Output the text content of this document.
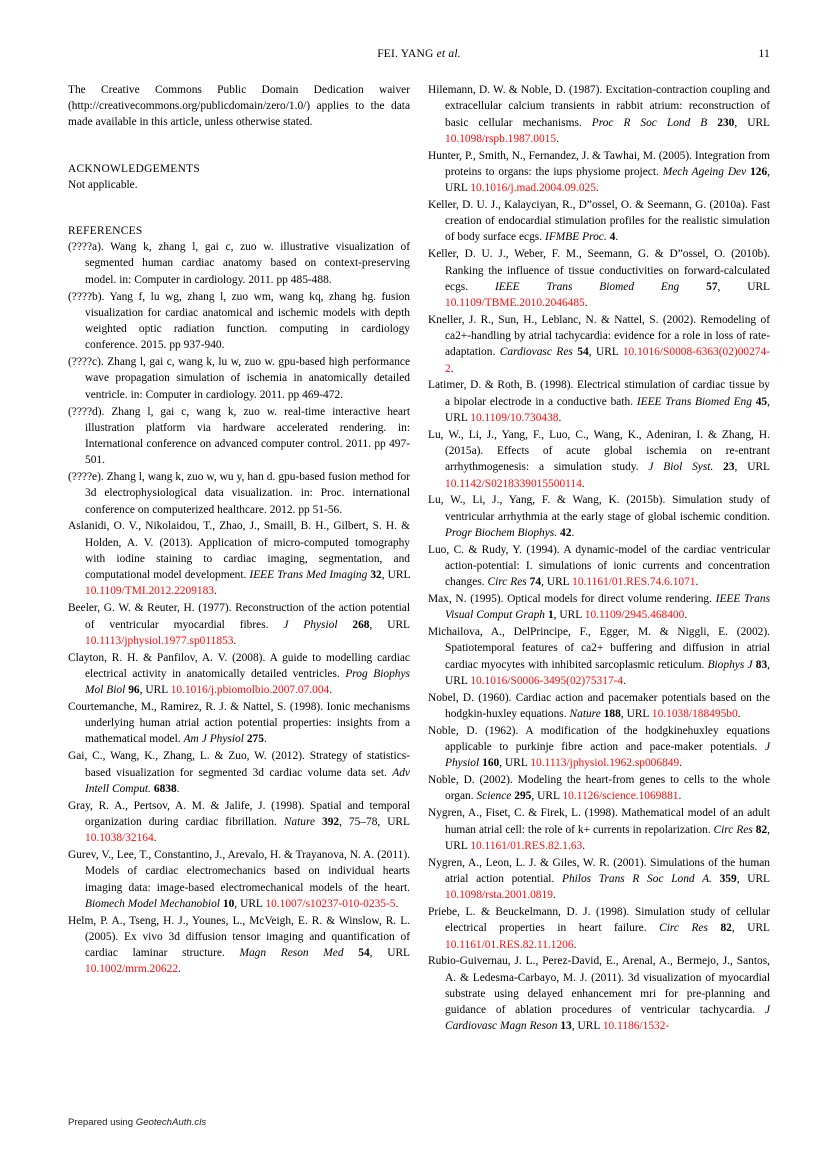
FEI. YANG et al.	11
The Creative Commons Public Domain Dedication waiver (http://creativecommons.org/publicdomain/zero/1.0/) applies to the data made available in this article, unless otherwise stated.
ACKNOWLEDGEMENTS
Not applicable.
REFERENCES
(????a). Wang k, zhang l, gai c, zuo w. illustrative visualization of segmented human cardiac anatomy based on context-preserving model. in: Computer in cardiology. 2011. pp 485-488.
(????b). Yang f, lu wg, zhang l, zuo wm, wang kq, zhang hg. fusion visualization for cardiac anatomical and ischemic models with depth weighted optic radiation function. computing in cardiology conference. 2015. pp 937-940.
(????c). Zhang l, gai c, wang k, lu w, zuo w. gpu-based high performance wave propagation simulation of ischemia in anatomically detailed ventricle. in: Computer in cardiology. 2011. pp 469-472.
(????d). Zhang l, gai c, wang k, zuo w. real-time interactive heart illustration platform via hardware accelerated rendering. in: International conference on advanced computer control. 2011. pp 497-501.
(????e). Zhang l, wang k, zuo w, wu y, han d. gpu-based fusion method for 3d electrophysiological data visualization. in: Proc. international conference on computerized healthcare. 2012. pp 51-56.
Aslanidi, O. V., Nikolaidou, T., Zhao, J., Smaill, B. H., Gilbert, S. H. & Holden, A. V. (2013). Application of micro-computed tomography with iodine staining to cardiac imaging, segmentation, and computational model development. IEEE Trans Med Imaging 32, URL 10.1109/TMI.2012.2209183.
Beeler, G. W. & Reuter, H. (1977). Reconstruction of the action potential of ventricular myocardial fibres. J Physiol 268, URL 10.1113/jphysiol.1977.sp011853.
Clayton, R. H. & Panfilov, A. V. (2008). A guide to modelling cardiac electrical activity in anatomically detailed ventricles. Prog Biophys Mol Biol 96, URL 10.1016/j.pbiomolbio.2007.07.004.
Courtemanche, M., Ramirez, R. J. & Nattel, S. (1998). Ionic mechanisms underlying human atrial action potential properties: insights from a mathematical model. Am J Physiol 275.
Gai, C., Wang, K., Zhang, L. & Zuo, W. (2012). Strategy of statistics-based visualization for segmented 3d cardiac volume data set. Adv Intell Comput. 6838.
Gray, R. A., Pertsov, A. M. & Jalife, J. (1998). Spatial and temporal organization during cardiac fibrillation. Nature 392, 75–78, URL 10.1038/32164.
Gurev, V., Lee, T., Constantino, J., Arevalo, H. & Trayanova, N. A. (2011). Models of cardiac electromechanics based on individual hearts imaging data: image-based electromechanical models of the heart. Biomech Model Mechanobiol 10, URL 10.1007/s10237-010-0235-5.
Helm, P. A., Tseng, H. J., Younes, L., McVeigh, E. R. & Winslow, R. L. (2005). Ex vivo 3d diffusion tensor imaging and quantification of cardiac laminar structure. Magn Reson Med 54, URL 10.1002/mrm.20622.
Hilemann, D. W. & Noble, D. (1987). Excitation-contraction coupling and extracellular calcium transients in rabbit atrium: reconstruction of basic cellular mechanisms. Proc R Soc Lond B 230, URL 10.1098/rspb.1987.0015.
Hunter, P., Smith, N., Fernandez, J. & Tawhai, M. (2005). Integration from proteins to organs: the iups physiome project. Mech Ageing Dev 126, URL 10.1016/j.mad.2004.09.025.
Keller, D. U. J., Kalayciyan, R., D”ossel, O. & Seemann, G. (2010a). Fast creation of endocardial stimulation profiles for the realistic simulation of body surface ecgs. IFMBE Proc. 4.
Keller, D. U. J., Weber, F. M., Seemann, G. & D”ossel, O. (2010b). Ranking the influence of tissue conductivities on forward-calculated ecgs. IEEE Trans Biomed Eng 57, URL 10.1109/TBME.2010.2046485.
Kneller, J. R., Sun, H., Leblanc, N. & Nattel, S. (2002). Remodeling of ca2+-handling by atrial tachycardia: evidence for a role in loss of rate-adaptation. Cardiovasc Res 54, URL 10.1016/S0008-6363(02)00274-2.
Latimer, D. & Roth, B. (1998). Electrical stimulation of cardiac tissue by a bipolar electrode in a conductive bath. IEEE Trans Biomed Eng 45, URL 10.1109/10.730438.
Lu, W., Li, J., Yang, F., Luo, C., Wang, K., Adeniran, I. & Zhang, H. (2015a). Effects of acute global ischemia on re-entrant arrhythmogenesis: a simulation study. J Biol Syst. 23, URL 10.1142/S0218339015500114.
Lu, W., Li, J., Yang, F. & Wang, K. (2015b). Simulation study of ventricular arrhythmia at the early stage of global ischemic condition. Progr Biochem Biophys. 42.
Luo, C. & Rudy, Y. (1994). A dynamic-model of the cardiac ventricular action-potential: I. simulations of ionic currents and concentration changes. Circ Res 74, URL 10.1161/01.RES.74.6.1071.
Max, N. (1995). Optical models for direct volume rendering. IEEE Trans Visual Comput Graph 1, URL 10.1109/2945.468400.
Michailova, A., DelPrincipe, F., Egger, M. & Niggli, E. (2002). Spatiotemporal features of ca2+ buffering and diffusion in atrial cardiac myocytes with inhibited sarcoplasmic reticulum. Biophys J 83, URL 10.1016/S0006-3495(02)75317-4.
Nobel, D. (1960). Cardiac action and pacemaker potentials based on the hodgkin-huxley equations. Nature 188, URL 10.1038/188495b0.
Noble, D. (1962). A modification of the hodgkinehuxley equations applicable to purkinje fibre action and pace-maker potentials. J Physiol 160, URL 10.1113/jphysiol.1962.sp006849.
Noble, D. (2002). Modeling the heart-from genes to cells to the whole organ. Science 295, URL 10.1126/science.1069881.
Nygren, A., Fiset, C. & Firek, L. (1998). Mathematical model of an adult human atrial cell: the role of k+ currents in repolarization. Circ Res 82, URL 10.1161/01.RES.82.1.63.
Nygren, A., Leon, L. J. & Giles, W. R. (2001). Simulations of the human atrial action potential. Philos Trans R Soc Lond A. 359, URL 10.1098/rsta.2001.0819.
Priebe, L. & Beuckelmann, D. J. (1998). Simulation study of cellular electrical properties in heart failure. Circ Res 82, URL 10.1161/01.RES.82.11.1206.
Rubio-Guivernau, J. L., Perez-David, E., Arenal, A., Bermejo, J., Santos, A. & Ledesma-Carbayo, M. J. (2011). 3d visualization of myocardial substrate using delayed enhancement mri for pre-planning and guidance of ablation procedures of ventricular tachycardia. J Cardiovasc Magn Reson 13, URL 10.1186/1532-
Prepared using GeotechAuth.cls
